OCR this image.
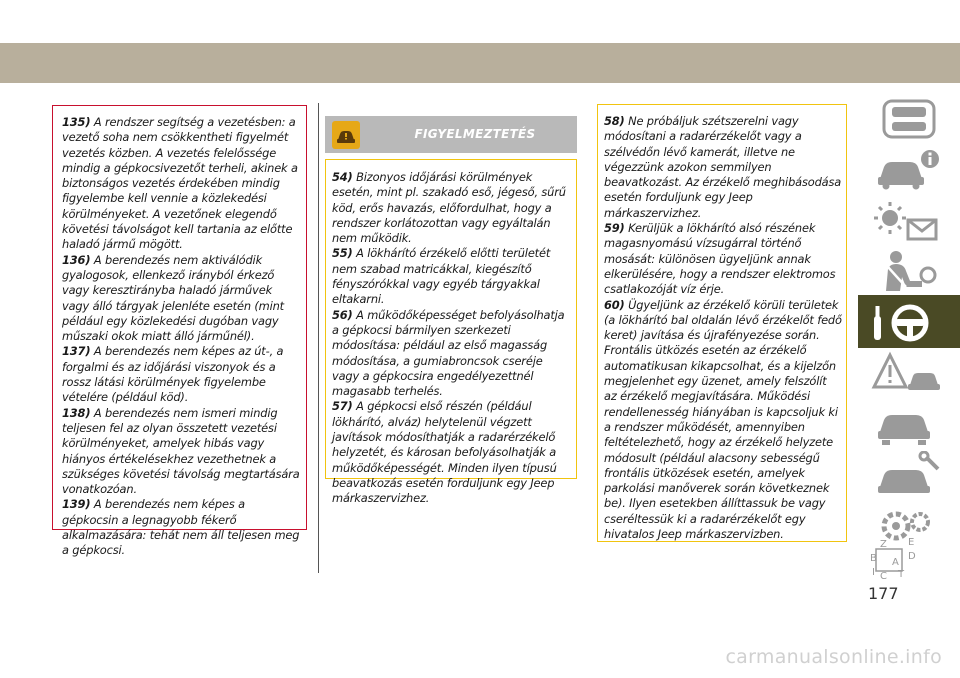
135) A rendszer segítség a vezetésben: a vezető soha nem csökkentheti figyelmét vezetés közben. A vezetés felelőssége mindig a gépkocsivezetőt terheli, akinek a biztonságos vezetés érdekében mindig figyelembe kell vennie a közlekedési körülményeket. A vezetőnek elegendő követési távolságot kell tartania az előtte haladó jármű mögött.

136) A berendezés nem aktiválódik gyalogosok, ellenkező irányból érkező vagy keresztirányba haladó járművek vagy álló tárgyak jelenléte esetén (mint például egy közlekedési dugóban vagy műszaki okok miatt álló járműnél).

137) A berendezés nem képes az út-, a forgalmi és az időjárási viszonyok és a rossz látási körülmények figyelembe vételére (például köd).

138) A berendezés nem ismeri mindig teljesen fel az olyan összetett vezetési körülményeket, amelyek hibás vagy hiányos értékelésekhez vezethetnek a szükséges követési távolság megtartására vonatkozóan.

139) A berendezés nem képes a gépkocsin a legnagyobb fékerő alkalmazására: tehát nem áll teljesen meg a gépkocsi.

FIGYELMEZTETÉS

54) Bizonyos időjárási körülmények esetén, mint pl. szakadó eső, jégeső, sűrű köd, erős havazás, előfordulhat, hogy a rendszer korlátozottan vagy egyáltalán nem működik.

55) A lökhárító érzékelő előtti területét nem szabad matricákkal, kiegészítő fényszórókkal vagy egyéb tárgyakkal eltakarni.

56) A működőképességet befolyásolhatja a gépkocsi bármilyen szerkezeti módosítása: például az első magasság módosítása, a gumiabroncsok cseréje vagy a gépkocsira engedélyezettnél magasabb terhelés.

57) A gépkocsi első részén (például lökhárító, alváz) helytelenül végzett javítások módosíthatják a radarérzékelő helyzetét, és károsan befolyásolhatják a működőképességét. Minden ilyen típusú beavatkozás esetén forduljunk egy Jeep márkaszervizhez.

58) Ne próbáljuk szétszerelni vagy módosítani a radarérzékelőt vagy a szélvédőn lévő kamerát, illetve ne végezzünk azokon semmilyen beavatkozást. Az érzékelő meghibásodása esetén forduljunk egy Jeep márkaszervizhez.

59) Kerüljük a lökhárító alsó részének magasnyomású vízsugárral történő mosását: különösen ügyeljünk annak elkerülésére, hogy a rendszer elektromos csatlakozóját víz érje.

60) Ügyeljünk az érzékelő körüli területek (a lökhárító bal oldalán lévő érzékelőt fedő keret) javítása és újrafényezése során. Frontális ütközés esetén az érzékelő automatikusan kikapcsolhat, és a kijelzőn megjelenhet egy üzenet, amely felszólít az érzékelő megjavítására. Működési rendellenesség hiányában is kapcsoljuk ki a rendszer működését, amennyiben feltételezhető, hogy az érzékelő helyzete módosult (például alacsony sebességű frontális ütközések esetén, amelyek parkolási manőverek során következnek be). Ilyen esetekben állíttassuk be vagy cseréltessük ki a radarérzékelőt egy hivatalos Jeep márkaszervizben.

Z E
B	D
A
I C T
177
carmanualsonline.info
